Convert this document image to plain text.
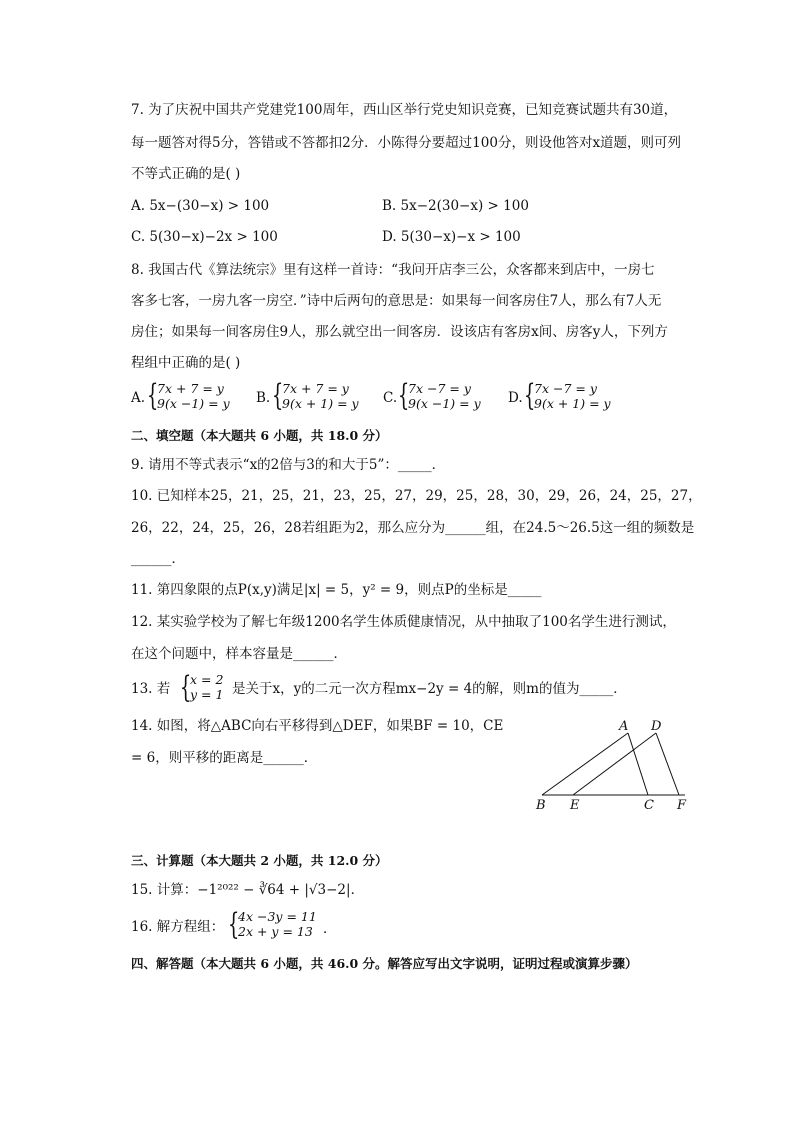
7. 为了庆祝中国共产党建党100周年，西山区举行党史知识竞赛，已知竞赛试题共有30道，
每一题答对得5分，答错或不答都扣2分．小陈得分要超过100分，则设他答对x道题，则可列
不等式正确的是( )
A. 5x−(30−x) > 100	B. 5x−2(30−x) > 100
C. 5(30−x)−2x > 100	D. 5(30−x)−x > 100
8. 我国古代《算法统宗》里有这样一首诗：“我问开店李三公，众客都来到店中，一房七
客多七客，一房九客一房空．”诗中后两句的意思是：如果每一间客房住7人，那么有7人无
房住；如果每一间客房住9人，那么就空出一间客房．设该店有客房x间、房客y人，下列方
程组中正确的是( )
A. {
7x + 7 = y
9(x −1) = y B. {
7x + 7 = y
9(x + 1) = y C. {
7x −7 = y
9(x −1) = y D. {
7x −7 = y
9(x + 1) = y
二、填空题（本大题共 6 小题，共 18.0 分）
9. 请用不等式表示“x的2倍与3的和大于5”：_____．
10. 已知样本25，21，25，21，23，25，27，29，25，28，30，29，26，24，25，27，
26，22，24，25，26，28若组距为2，那么应分为______组，在24.5～26.5这一组的频数是
______．
11. 第四象限的点P(x,y)满足|x| = 5，y² = 9，则点P的坐标是_____
12. 某实验学校为了解七年级1200名学生体质健康情况，从中抽取了100名学生进行测试，
在这个问题中，样本容量是______．
13. 若 {
x = 2
y = 1 是关于x，y的二元一次方程mx−2y = 4的解，则m的值为_____．
14. 如图，将△ABC向右平移得到△DEF，如果BF = 10，CE
= 6，则平移的距离是______．
A D
B E	C F
三、计算题（本大题共 2 小题，共 12.0 分）
15. 计算：−1²⁰²² − ∛64 + |√3−2|．
16. 解方程组： {
4x −3y = 11
2x + y = 13 ．
四、解答题（本大题共 6 小题，共 46.0 分。解答应写出文字说明，证明过程或演算步骤）
